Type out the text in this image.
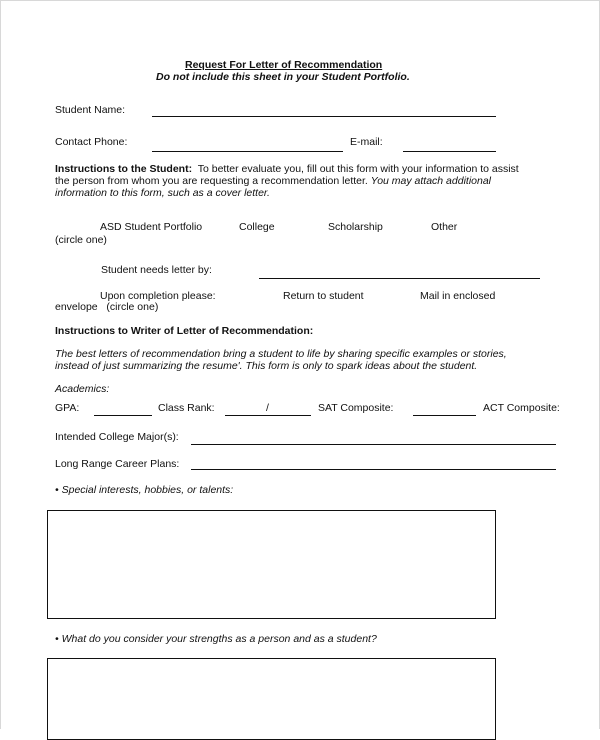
Request For Letter of Recommendation
Do not include this sheet in your Student Portfolio.
Student Name:
Contact Phone:	E-mail:
Instructions to the Student: To better evaluate you, fill out this form with your information to assist
the person from whom you are requesting a recommendation letter. You may attach additional
information to this form, such as a cover letter.
ASD Student Portfolio	College	Scholarship	Other
(circle one)
Student needs letter by:
Upon completion please:	Return to student	Mail in enclosed
envelope (circle one)
Instructions to Writer of Letter of Recommendation:
The best letters of recommendation bring a student to life by sharing specific examples or stories,
instead of just summarizing the resume'. This form is only to spark ideas about the student.
Academics:
GPA:	Class Rank:	/	SAT Composite:	ACT Composite:
Intended College Major(s):
Long Range Career Plans:
• Special interests, hobbies, or talents:
• What do you consider your strengths as a person and as a student?
